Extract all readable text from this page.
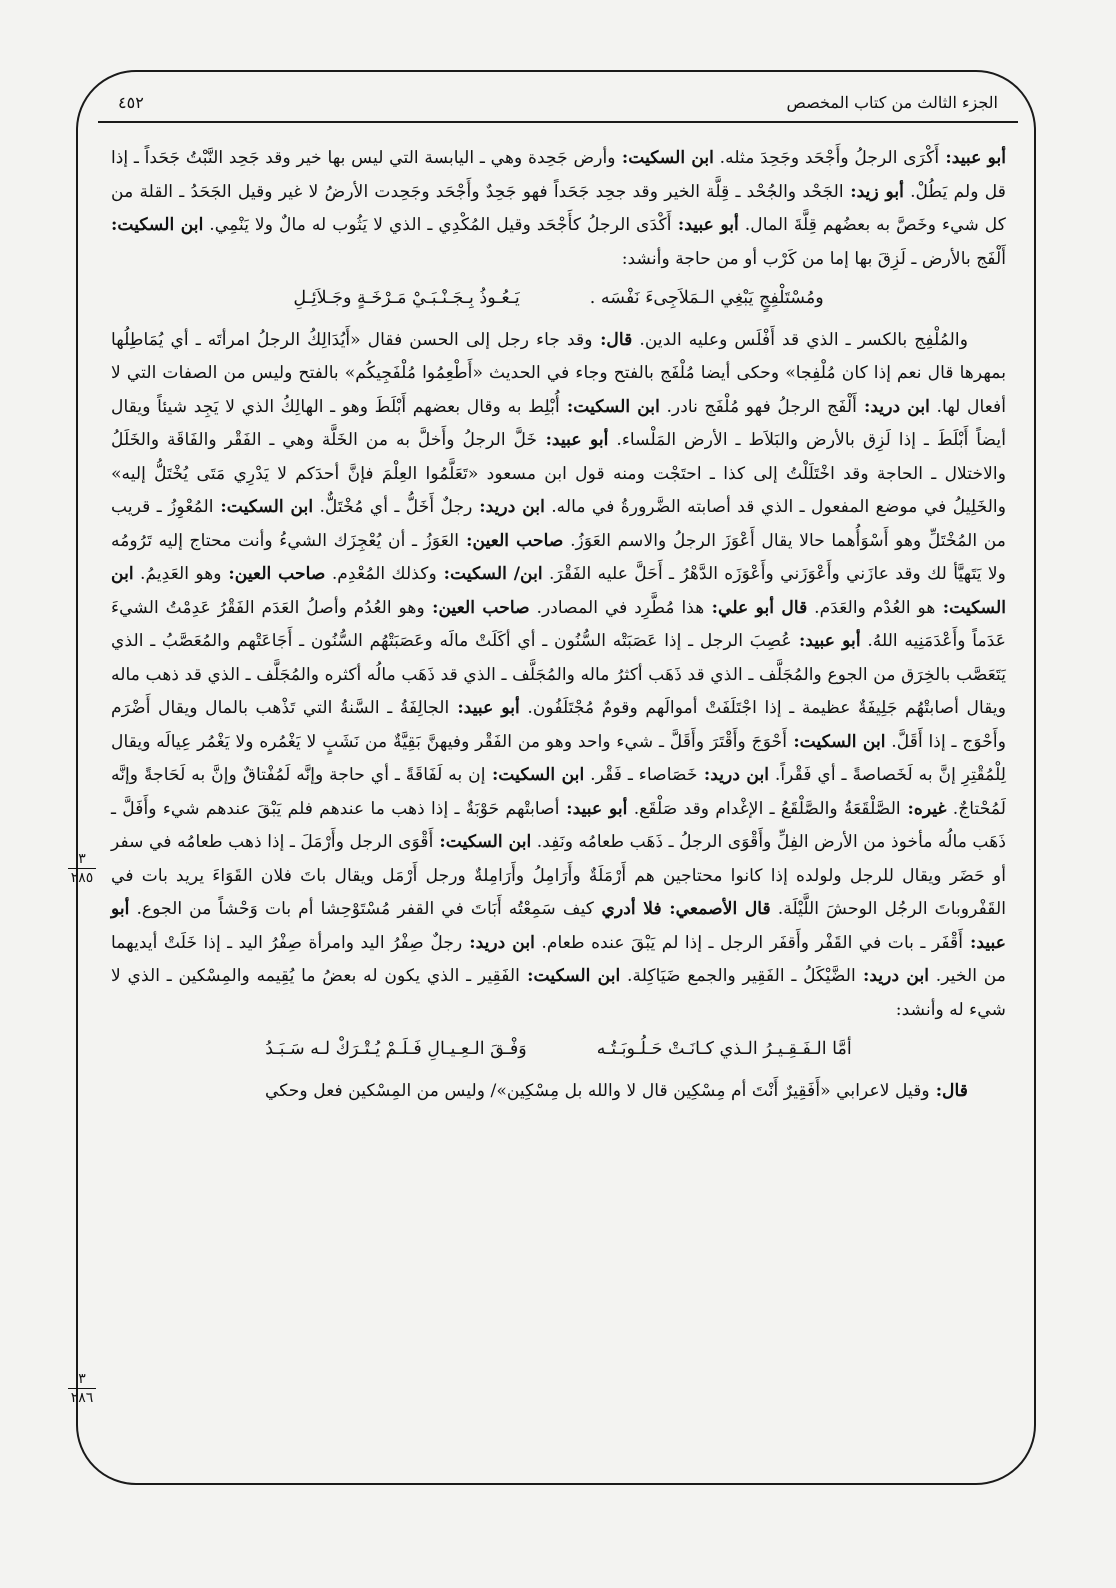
الجزء الثالث من كتاب المخصص
٤٥٢
٣
٢٨٥
٣
٢٨٦

أبو عبيد: أَكْرَى الرجلُ وأَجْحَد وجَحِدَ مثله. ابن السكيت: وأرض جَحِدة وهي ـ اليابسة التي ليس بها خير وقد جَحِد النَّبْتُ جَحَداً ـ إذا قل ولم يَطُلْ. أبو زيد: الجَحْد والجُحْد ـ قِلَّة الخير وقد جحِد جَحَداً فهو جَحِدٌ وأَجْحَد وجَحِدت الأرضُ لا غير وقيل الجَحَدُ ـ القلة من كل شيء وخَصَّ به بعضُهم قِلَّةَ المال. أبو عبيد: أَكْدَى الرجلُ كأَجْحَد وقيل المُكْدِي ـ الذي لا يَثُوب له مالٌ ولا يَنْمِي. ابن السكيت: أَلْفَج بالأرض ـ لَزِقَ بها إما من كَرْب أو من حاجة وأنشد:

ومُسْتَلْفِجٍ يَبْغِي الـمَلاَجِىءَ نَفْسَه .
يَـعُـوذُ بِـجَـنْـبَـيْ مَـرْخَـةٍ وجَـلاَئِـلِ

والمُلْفِج بالكسر ـ الذي قد أَفْلَس وعليه الدين. قال: وقد جاء رجل إلى الحسن فقال «أَيُدَالِكُ الرجلُ امرأتَه ـ أي يُمَاطِلُها بمهرها قال نعم إذا كان مُلْفِجا» وحكى أيضا مُلْفَج بالفتح وجاء في الحديث «أَطْعِمُوا مُلْفَجِيكُم» بالفتح وليس من الصفات التي لا أفعال لها. ابن دريد: أَلْفَج الرجلُ فهو مُلْفَج نادر. ابن السكيت: أُبْلِط به وقال بعضهم أَبْلَطَ وهو ـ الهالِكُ الذي لا يَجِد شيئاً ويقال أيضاً أَبْلَطَ ـ إذا لَزِق بالأرض والبَلاَط ـ الأرض المَلْساء. أبو عبيد: خَلَّ الرجلُ وأَخلَّ به من الخَلَّة وهي ـ الفَقْر والفَاقَة والخَلَلُ والاختلال ـ الحاجة وقد اخْتَلَلْتُ إلى كذا ـ احتَجْت ومنه قول ابن مسعود «تَعَلَّمُوا العِلْمَ فإنَّ أحدَكم لا يَدْرِي مَتَى يُخْتَلُّ إليه» والخَلِيلُ في موضع المفعول ـ الذي قد أصابته الضَّرورةُ في ماله. ابن دريد: رجلٌ أَخَلُّ ـ أي مُخْتَلٌّ. ابن السكيت: المُعْوِزُ ـ قريب من المُخْتَلِّ وهو أَسْوَأُهما حالا يقال أَعْوَزَ الرجلُ والاسم العَوَزُ. صاحب العين: العَوَزُ ـ أن يُعْجِزَك الشيءُ وأنت محتاج إليه تَرُومُه ولا يَتَهيَّأ لك وقد عازَني وأَعْوَزَني وأَعْوَزَه الدَّهْرُ ـ أَحَلَّ عليه الفَقْرَ. ابن/ السكيت: وكذلك المُعْدِم. صاحب العين: وهو العَدِيمُ. ابن السكيت: هو العُدْم والعَدَم. قال أبو علي: هذا مُطَّرِد في المصادر. صاحب العين: وهو العُدُم وأصلُ العَدَم الفَقْرُ عَدِمْتُ الشيءَ عَدَماً وأَعْدَمَنِيه اللهُ. أبو عبيد: عُصِبَ الرجل ـ إذا عَصَبَتْه السُّنُون ـ أي أكَلَتْ مالَه وعَصَبَتْهُم السُّنُون ـ أَجَاعَتْهم والمُعَصَّبُ ـ الذي يَتَعَصَّب بالخِرَق من الجوع والمُجَلَّف ـ الذي قد ذَهَب أكثرُ ماله والمُجَلَّف ـ الذي قد ذَهَب مالُه أكثره والمُجَلَّف ـ الذي قد ذهب ماله ويقال أصابتْهُم جَلِيفَةٌ عظيمة ـ إذا اجْتَلَفَتْ أموالَهم وقومٌ مُجْتَلَفُون. أبو عبيد: الجالِفَةُ ـ السَّنةُ التي تَذْهب بالمال ويقال أَضْرَم وأَحْوَج ـ إذا أَقَلَّ. ابن السكيت: أَحْوَجَ وأَقْتَرَ وأَقَلَّ ـ شيء واحد وهو من الفَقْر وفيهنَّ بَقِيَّةٌ من نَشَبٍ لا يَغْمُره ولا يَغْمُر عِيالَه ويقال لِلْمُقْتِرِ إنَّ به لَخَصاصةً ـ أي فَقْراً. ابن دريد: خَصَاصاء ـ فَقْر. ابن السكيت: إن به لَفَاقَةً ـ أي حاجة وإنَّه لَمُفْتاقٌ وإنَّ به لَحَاجةً وإنَّه لَمُحْتاجٌ. غيره: الصَّلْقَعَةُ والصَّلْقَعُ ـ الإغْدام وقد صَلْقَع. أبو عبيد: أصابتْهم حَوْبَةٌ ـ إذا ذهب ما عندهم فلم يَبْقَ عندهم شيء وأَفَلَّ ـ ذَهَب مالُه مأخوذ من الأرض الفِلِّ وأَقْوَى الرجلُ ـ ذَهَب طعامُه ونَفِد. ابن السكيت: أَقْوَى الرجل وأَرْمَلَ ـ إذا ذهب طعامُه في سفر أو حَضَر ويقال للرجل ولولده إذا كانوا محتاجين هم أَرْمَلَةٌ وأَرَامِلُ وأَرَامِلةٌ ورجل أَرْمَل ويقال باتَ فلان القَوَاءَ يريد بات في القَفْروباتَ الرجُل الوحشَ اللَّيْلَة. قال الأصمعي: فلا أدري كيف سَمِعْتُه أَبَاتَ في القفر مُسْتَوْحِشا أم بات وَحْشاً من الجوع. أبو عبيد: أَقْفَر ـ بات في القَفْر وأَقفَر الرجل ـ إذا لم يَبْقَ عنده طعام. ابن دريد: رجلٌ صِفْرُ اليد وامرأة صِفْرُ اليد ـ إذا خَلَتْ أيديهما من الخير. ابن دريد: الضَّيْكَلُ ـ الفَقِير والجمع ضَيَاكِلة. ابن السكيت: الفَقِير ـ الذي يكون له بعضُ ما يُقِيمه والمِسْكين ـ الذي لا شيء له وأنشد:

أمَّا الـفَـقِـيـرُ الـذي كـانَـتْ حَـلُـوبَـتُـه
وَفْـقَ الـعِـيـالِ فَـلَـمْ يُـتْـرَكْ لـه سَـبَـدُ

قال: وقيل لاعرابي «أَفَقِيرٌ أَنْتَ أم مِسْكِين قال لا والله بل مِسْكِين»/ وليس من المِسْكين فعل وحكي
